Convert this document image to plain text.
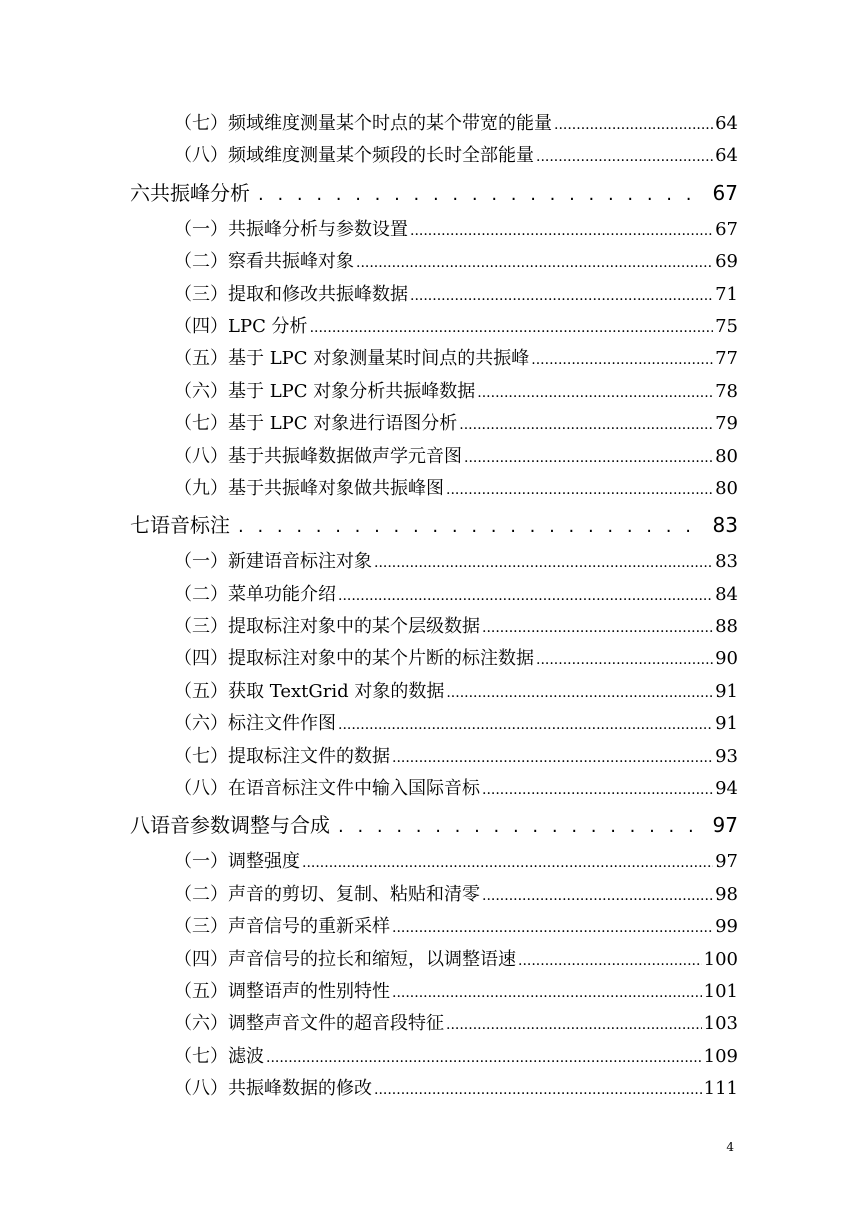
（七）频域维度测量某个时点的某个带宽的能量 .....	64
（八）频域维度测量某个频段的长时全部能量 .....	64
六 共振峰分析 . . .	67
（一）共振峰分析与参数设置 .....	67
（二）察看共振峰对象 .....	69
（三）提取和修改共振峰数据 .....	71
（四）LPC 分析 .....	75
（五）基于 LPC 对象测量某时间点的共振峰 .....	77
（六）基于 LPC 对象分析共振峰数据 .....	78
（七）基于 LPC 对象进行语图分析 .....	79
（八）基于共振峰数据做声学元音图 .....	80
（九）基于共振峰对象做共振峰图 .....	80
七 语音标注 . . .	83
（一）新建语音标注对象 .....	83
（二）菜单功能介绍 .....	84
（三）提取标注对象中的某个层级数据 .....	88
（四）提取标注对象中的某个片断的标注数据 .....	90
（五）获取 TextGrid 对象的数据 .....	91
（六）标注文件作图 .....	91
（七）提取标注文件的数据 .....	93
（八）在语音标注文件中输入国际音标 .....	94
八 语音参数调整与合成 . . .	97
（一）调整强度 .....	97
（二）声音的剪切、复制、粘贴和清零 .....	98
（三）声音信号的重新采样 .....	99
（四）声音信号的拉长和缩短，以调整语速 .....	100
（五）调整语声的性别特性 .....	101
（六）调整声音文件的超音段特征 .....	103
（七）滤波 .....	109
（八）共振峰数据的修改 .....	111
4
